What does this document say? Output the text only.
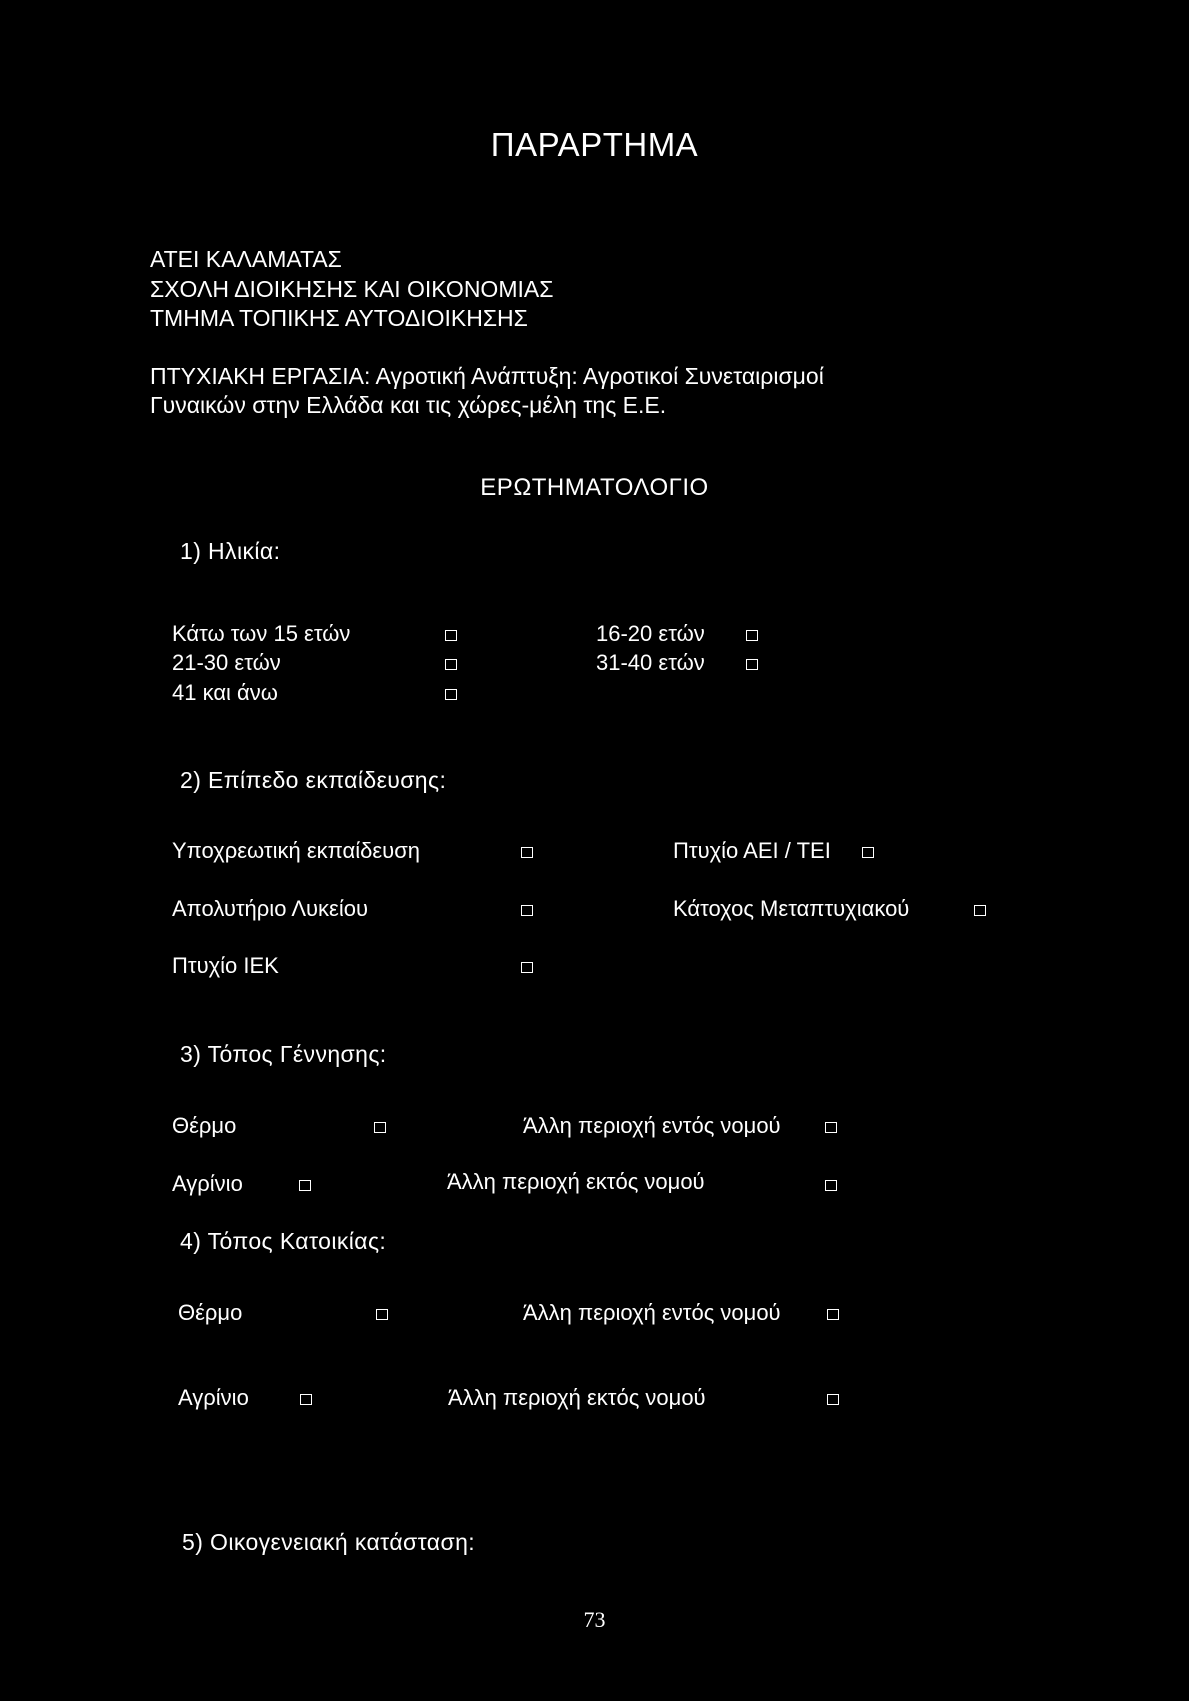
ΠΑΡΑΡΤΗΜΑ
ΑΤΕΙ ΚΑΛΑΜΑΤΑΣ
ΣΧΟΛΗ ΔΙΟΙΚΗΣΗΣ ΚΑΙ ΟΙΚΟΝΟΜΙΑΣ
ΤΜΗΜΑ ΤΟΠΙΚΗΣ ΑΥΤΟΔΙΟΙΚΗΣΗΣ
ΠΤΥΧΙΑΚΗ ΕΡΓΑΣΙΑ: Αγροτική Ανάπτυξη: Αγροτικοί Συνεταιρισμοί
Γυναικών στην Ελλάδα και τις χώρες-μέλη της Ε.Ε.
ΕΡΩΤΗΜΑΤΟΛΟΓΙΟ
1) Ηλικία:
Κάτω των 15 ετών	16-20 ετών
21-30 ετών	31-40 ετών
41 και άνω
2) Επίπεδο εκπαίδευσης:
Υποχρεωτική εκπαίδευση	Πτυχίο ΑΕΙ / ΤΕΙ
Απολυτήριο Λυκείου	Κάτοχος Μεταπτυχιακού
Πτυχίο ΙΕΚ
3) Τόπος Γέννησης:
Θέρμο	Άλλη περιοχή εντός νομού
Αγρίνιο	Άλλη περιοχή εκτός νομού
4) Τόπος Κατοικίας:
Θέρμο	Άλλη περιοχή εντός νομού
Αγρίνιο	Άλλη περιοχή εκτός νομού
5) Οικογενειακή κατάσταση:
73
